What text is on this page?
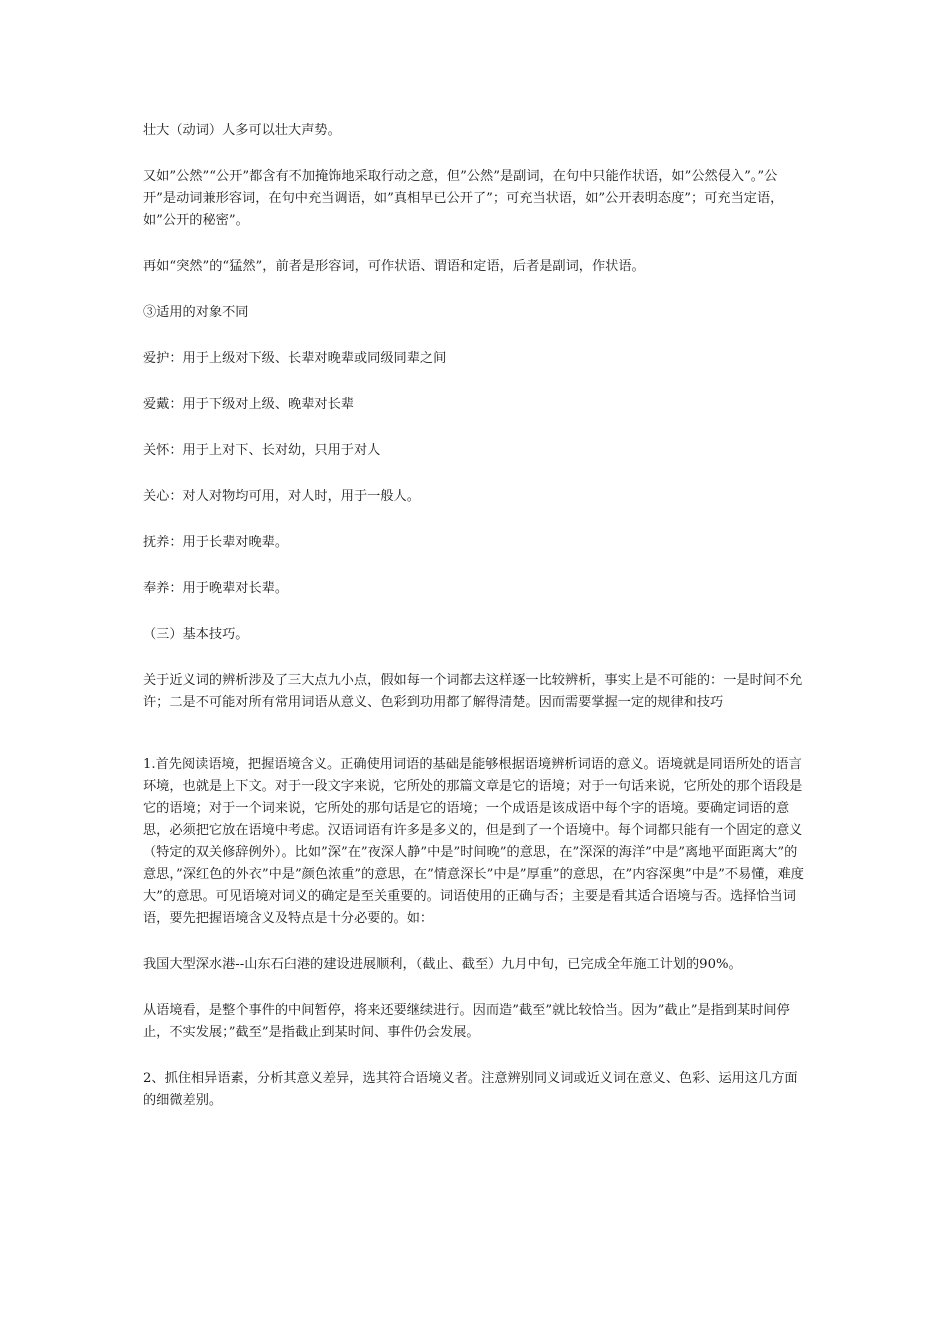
壮大（动词）人多可以壮大声势。

又如”公然”“公开”都含有不加掩饰地采取行动之意，但”公然”是副词，在句中只能作状语，如”公然侵入”。”公开”是动词兼形容词，在句中充当调语，如”真相早已公开了”；可充当状语，如”公开表明态度”；可充当定语，如”公开的秘密”。

再如“突然”的“猛然”，前者是形容词，可作状语、谓语和定语，后者是副词，作状语。

③适用的对象不同

爱护：用于上级对下级、长辈对晚辈或同级同辈之间

爱戴：用于下级对上级、晚辈对长辈

关怀：用于上对下、长对幼，只用于对人

关心：对人对物均可用，对人时，用于一般人。

抚养：用于长辈对晚辈。

奉养：用于晚辈对长辈。

（三）基本技巧。

关于近义词的辨析涉及了三大点九小点，假如每一个词都去这样逐一比较辨析，事实上是不可能的：一是时间不允许；二是不可能对所有常用词语从意义、色彩到功用都了解得清楚。因而需要掌握一定的规律和技巧

1.首先阅读语境，把握语境含义。正确使用词语的基础是能够根据语境辨析词语的意义。语境就是同语所处的语言环境，也就是上下文。对于一段文字来说，它所处的那篇文章是它的语境；对于一句话来说，它所处的那个语段是它的语境；对于一个词来说，它所处的那句话是它的语境；一个成语是该成语中每个字的语境。要确定词语的意思，必须把它放在语境中考虑。汉语词语有许多是多义的，但是到了一个语境中。每个词都只能有一个固定的意义（特定的双关修辞例外）。比如”深”在”夜深人静”中是”时间晚”的意思，在”深深的海洋”中是”离地平面距离大”的意思，”深红色的外衣”中是”颜色浓重”的意思，在”情意深长”中是”厚重”的意思，在”内容深奥”中是”不易懂，难度大”的意思。可见语境对词义的确定是至关重要的。词语使用的正确与否；主要是看其适合语境与否。选择恰当词语，要先把握语境含义及特点是十分必要的。如：

我国大型深水港--山东石臼港的建设进展顺利，（截止、截至）九月中旬，已完成全年施工计划的90%。

从语境看，是整个事件的中间暂停，将来还要继续进行。因而造”截至”就比较恰当。因为”截止”是指到某时间停止，不实发展；”截至”是指截止到某时间、事件仍会发展。

2、抓住相异语素，分析其意义差异，选其符合语境义者。注意辨别同义词或近义词在意义、色彩、运用这几方面的细微差别。
